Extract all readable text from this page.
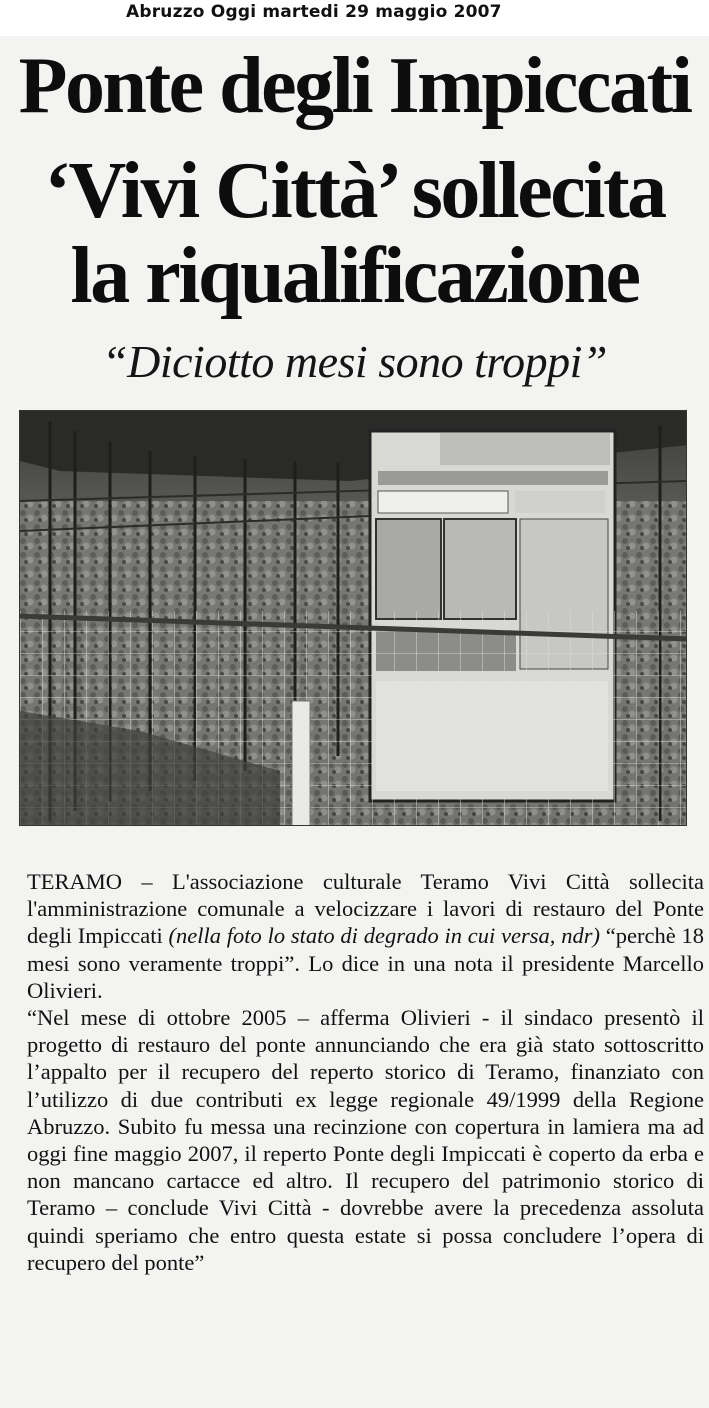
Abruzzo Oggi martedi 29 maggio 2007
Ponte degli Impiccati
‘Vivi Città’ sollecita
la riqualificazione
“Diciotto mesi sono troppi”

TERAMO – L'associazione culturale Teramo Vivi Città sollecita l'amministrazione comunale a velocizzare i lavori di restauro del Ponte degli Impiccati (nella foto lo stato di degrado in cui versa, ndr) “perchè 18 mesi sono veramente troppi”. Lo dice in una nota il presidente Marcello Olivieri.

“Nel mese di ottobre 2005 – afferma Olivieri - il sindaco presentò il progetto di restauro del ponte annunciando che era già stato sottoscritto l’appalto per il recupero del reperto storico di Teramo, finanziato con l’utilizzo di due contributi ex legge regionale 49/1999 della Regione Abruzzo. Subito fu messa una recinzione con copertura in lamiera ma ad oggi fine maggio 2007, il reperto Ponte degli Impiccati è coperto da erba e non mancano cartacce ed altro. Il recupero del patrimonio storico di Teramo – conclude Vivi Città - dovrebbe avere la precedenza assoluta quindi speriamo che entro questa estate si possa concludere l’opera di recupero del ponte”
